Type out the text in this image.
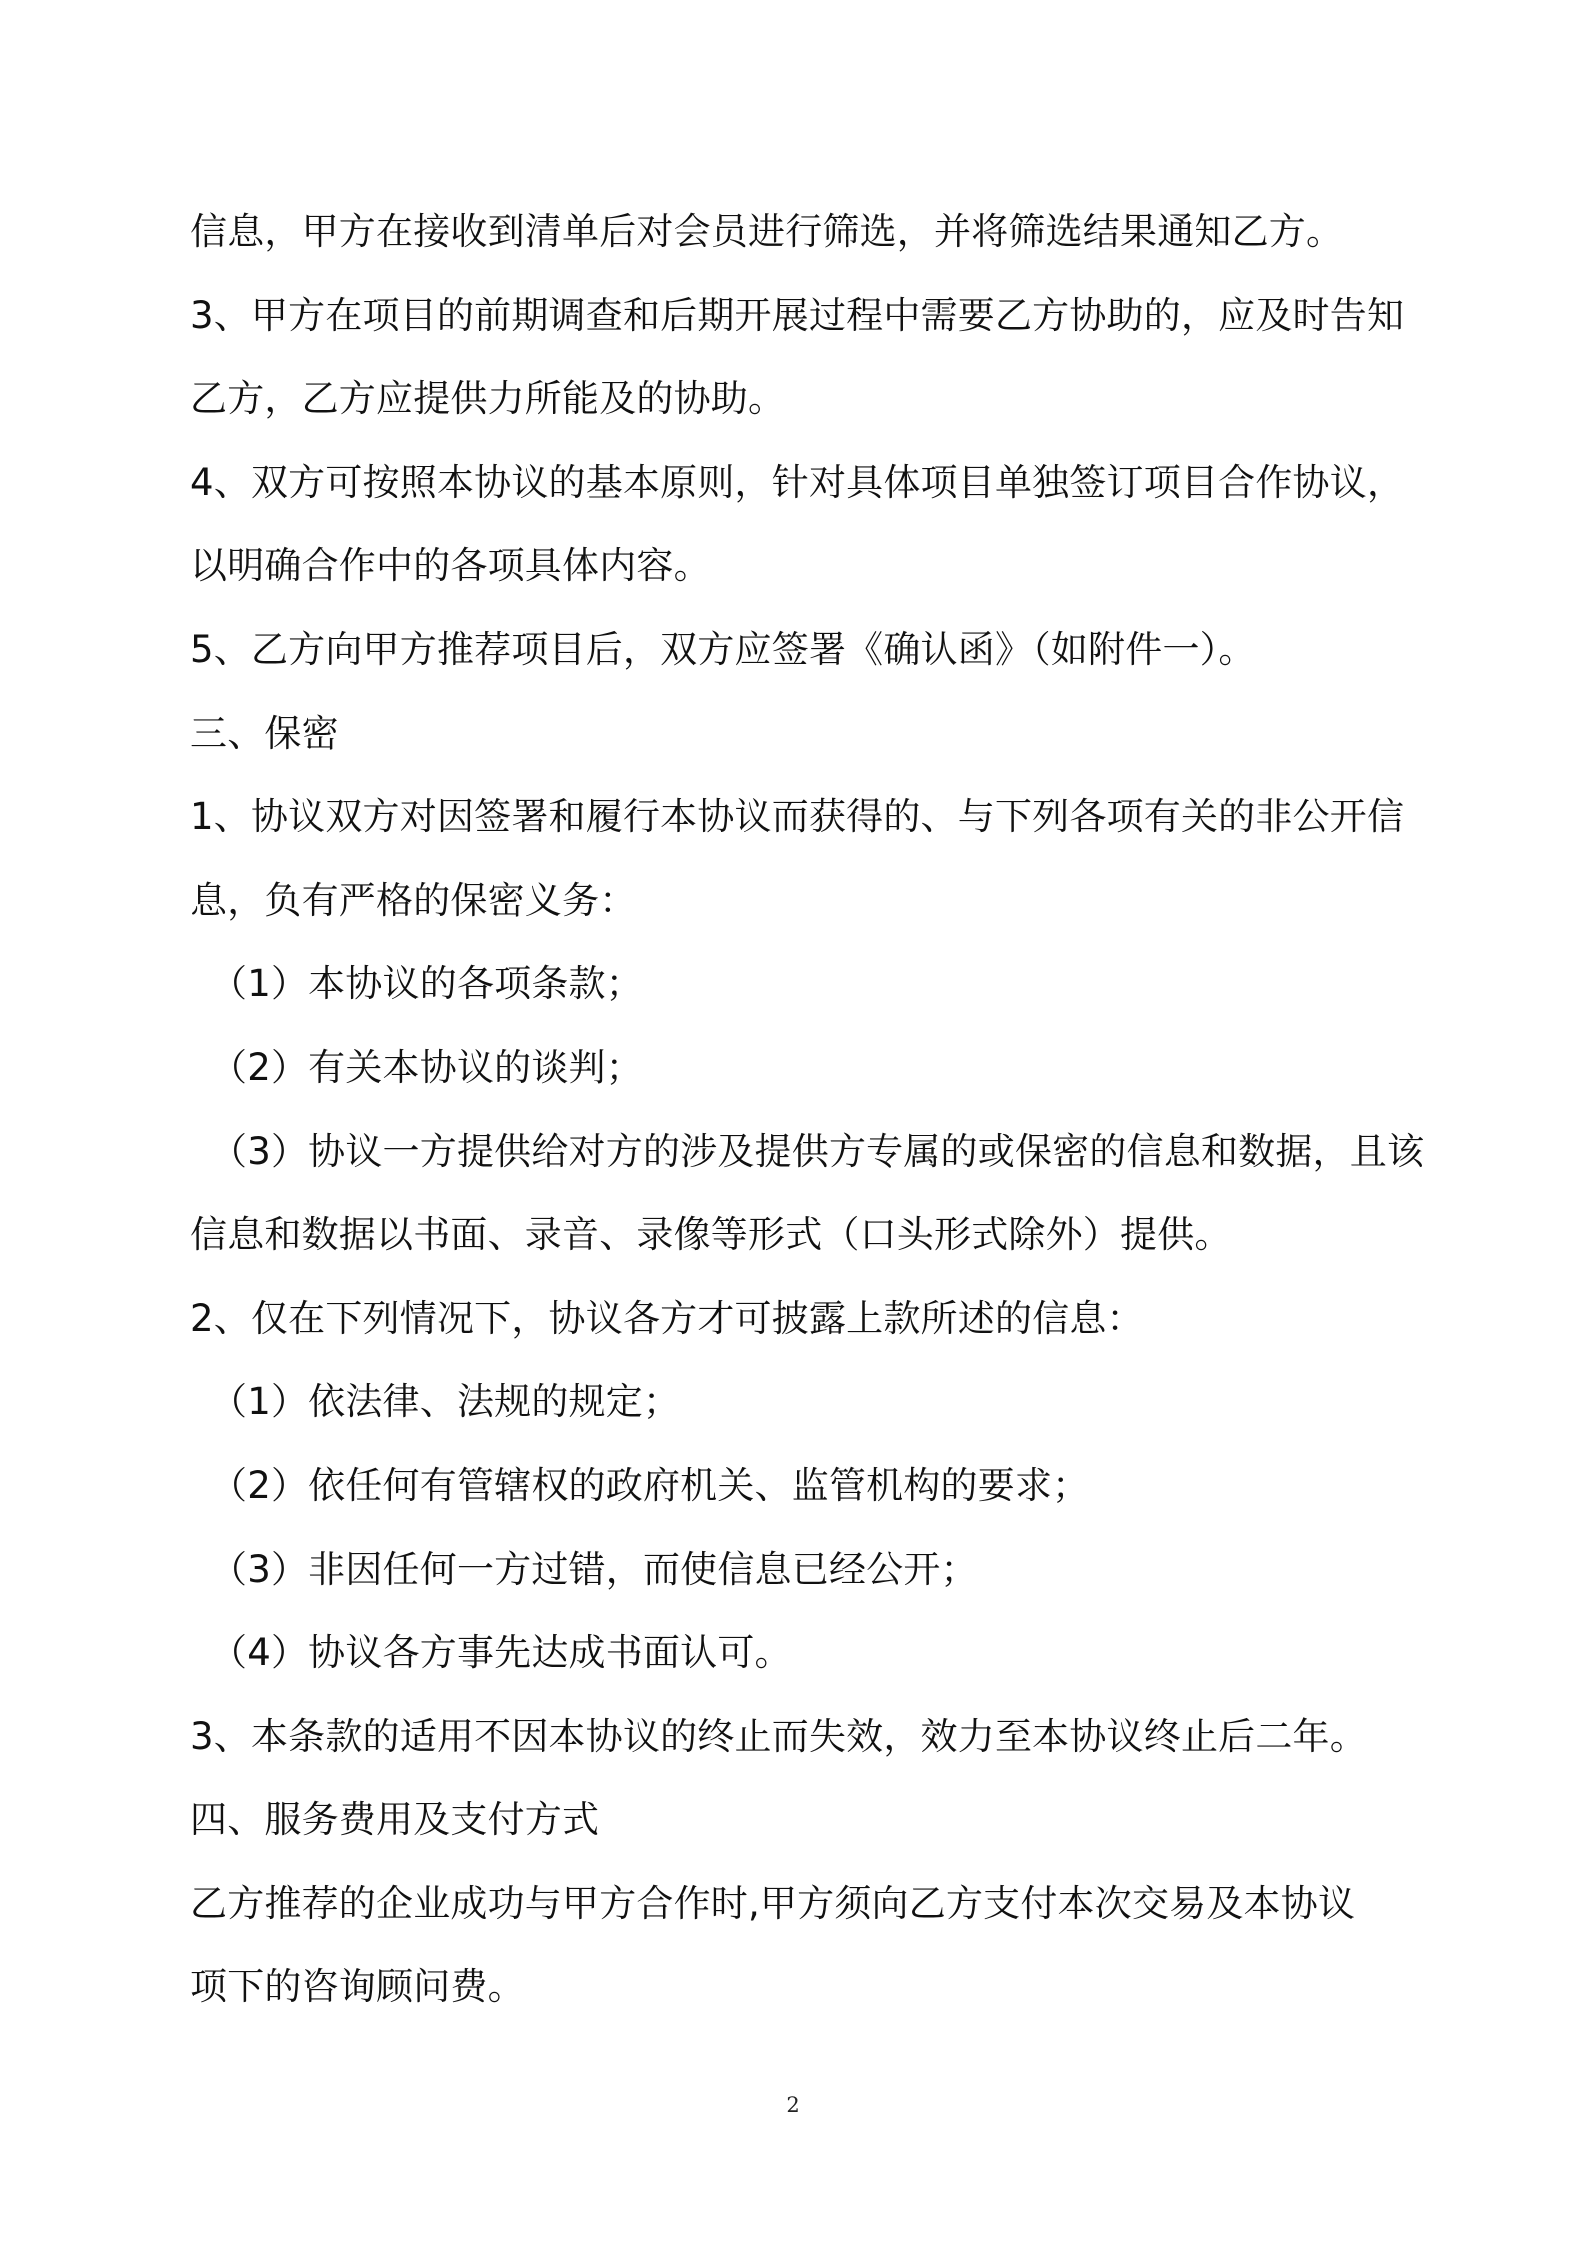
信息，甲方在接收到清单后对会员进行筛选，并将筛选结果通知乙方。
3、甲方在项目的前期调查和后期开展过程中需要乙方协助的，应及时告知
乙方，乙方应提供力所能及的协助。
4、双方可按照本协议的基本原则，针对具体项目单独签订项目合作协议，
以明确合作中的各项具体内容。
5、乙方向甲方推荐项目后，双方应签署《确认函》（如附件一）。
三、保密
1、协议双方对因签署和履行本协议而获得的、与下列各项有关的非公开信
息，负有严格的保密义务：
（1）本协议的各项条款；
（2）有关本协议的谈判；
（3）协议一方提供给对方的涉及提供方专属的或保密的信息和数据，且该
信息和数据以书面、录音、录像等形式（口头形式除外）提供。
2、仅在下列情况下，协议各方才可披露上款所述的信息：
（1）依法律、法规的规定；
（2）依任何有管辖权的政府机关、监管机构的要求；
（3）非因任何一方过错，而使信息已经公开；
（4）协议各方事先达成书面认可。
3、本条款的适用不因本协议的终止而失效，效力至本协议终止后二年。
四、服务费用及支付方式
乙方推荐的企业成功与甲方合作时,甲方须向乙方支付本次交易及本协议
项下的咨询顾问费。
2
